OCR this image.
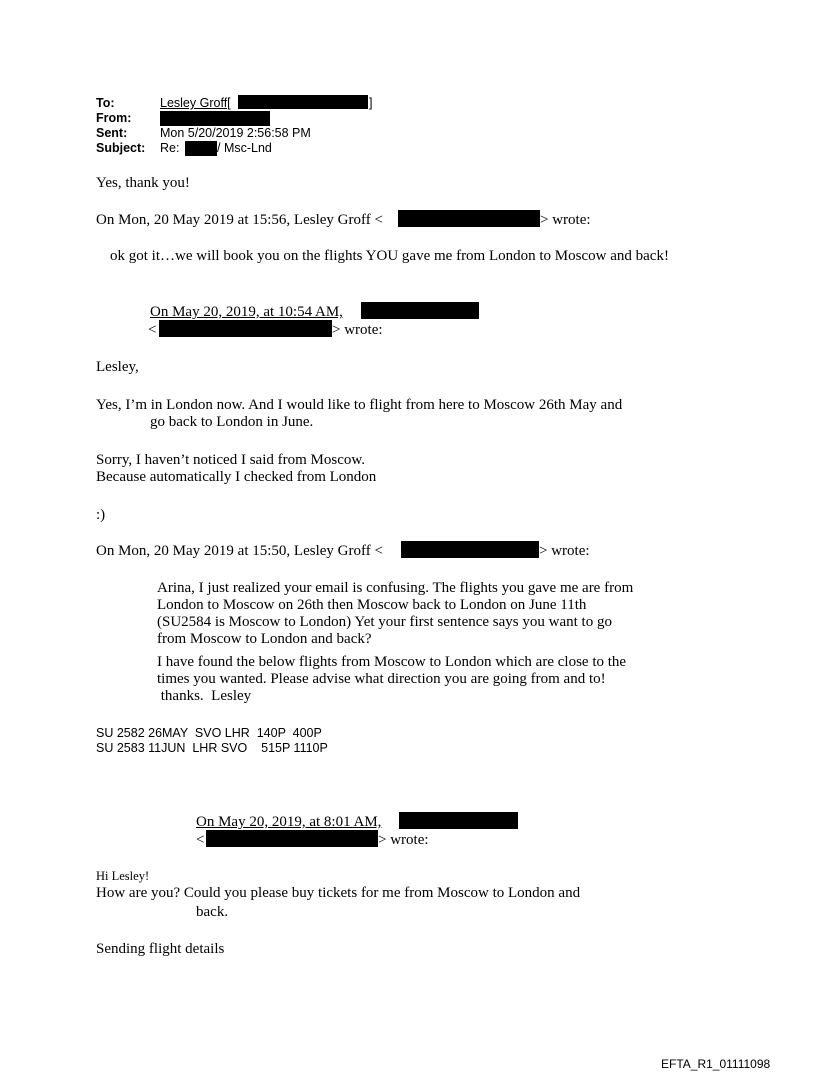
To:	Lesley Groff[	]
From:
Sent:	Mon 5/20/2019 2:56:58 PM
Subject: Re:	/ Msc-Lnd
Yes, thank you!
On Mon, 20 May 2019 at 15:56, Lesley Groff <	> wrote:
ok got it…we will book you on the flights YOU gave me from London to Moscow and back!
On May 20, 2019, at 10:54 AM,
<	> wrote:
Lesley,
Yes, I’m in London now. And I would like to flight from here to Moscow 26th May and
go back to London in June.
Sorry, I haven’t noticed I said from Moscow.
Because automatically I checked from London
:)
On Mon, 20 May 2019 at 15:50, Lesley Groff <	> wrote:
Arina, I just realized your email is confusing. The flights you gave me are from
London to Moscow on 26th then Moscow back to London on June 11th
(SU2584 is Moscow to London) Yet your first sentence says you want to go
from Moscow to London and back?
I have found the below flights from Moscow to London which are close to the
times you wanted. Please advise what direction you are going from and to!
thanks.  Lesley
SU 2582 26MAY  SVO LHR  140P  400P
SU 2583 11JUN  LHR SVO    515P 1110P
On May 20, 2019, at 8:01 AM,
<	> wrote:
Hi Lesley!
How are you? Could you please buy tickets for me from Moscow to London and
back.
Sending flight details
EFTA_R1_01111098
